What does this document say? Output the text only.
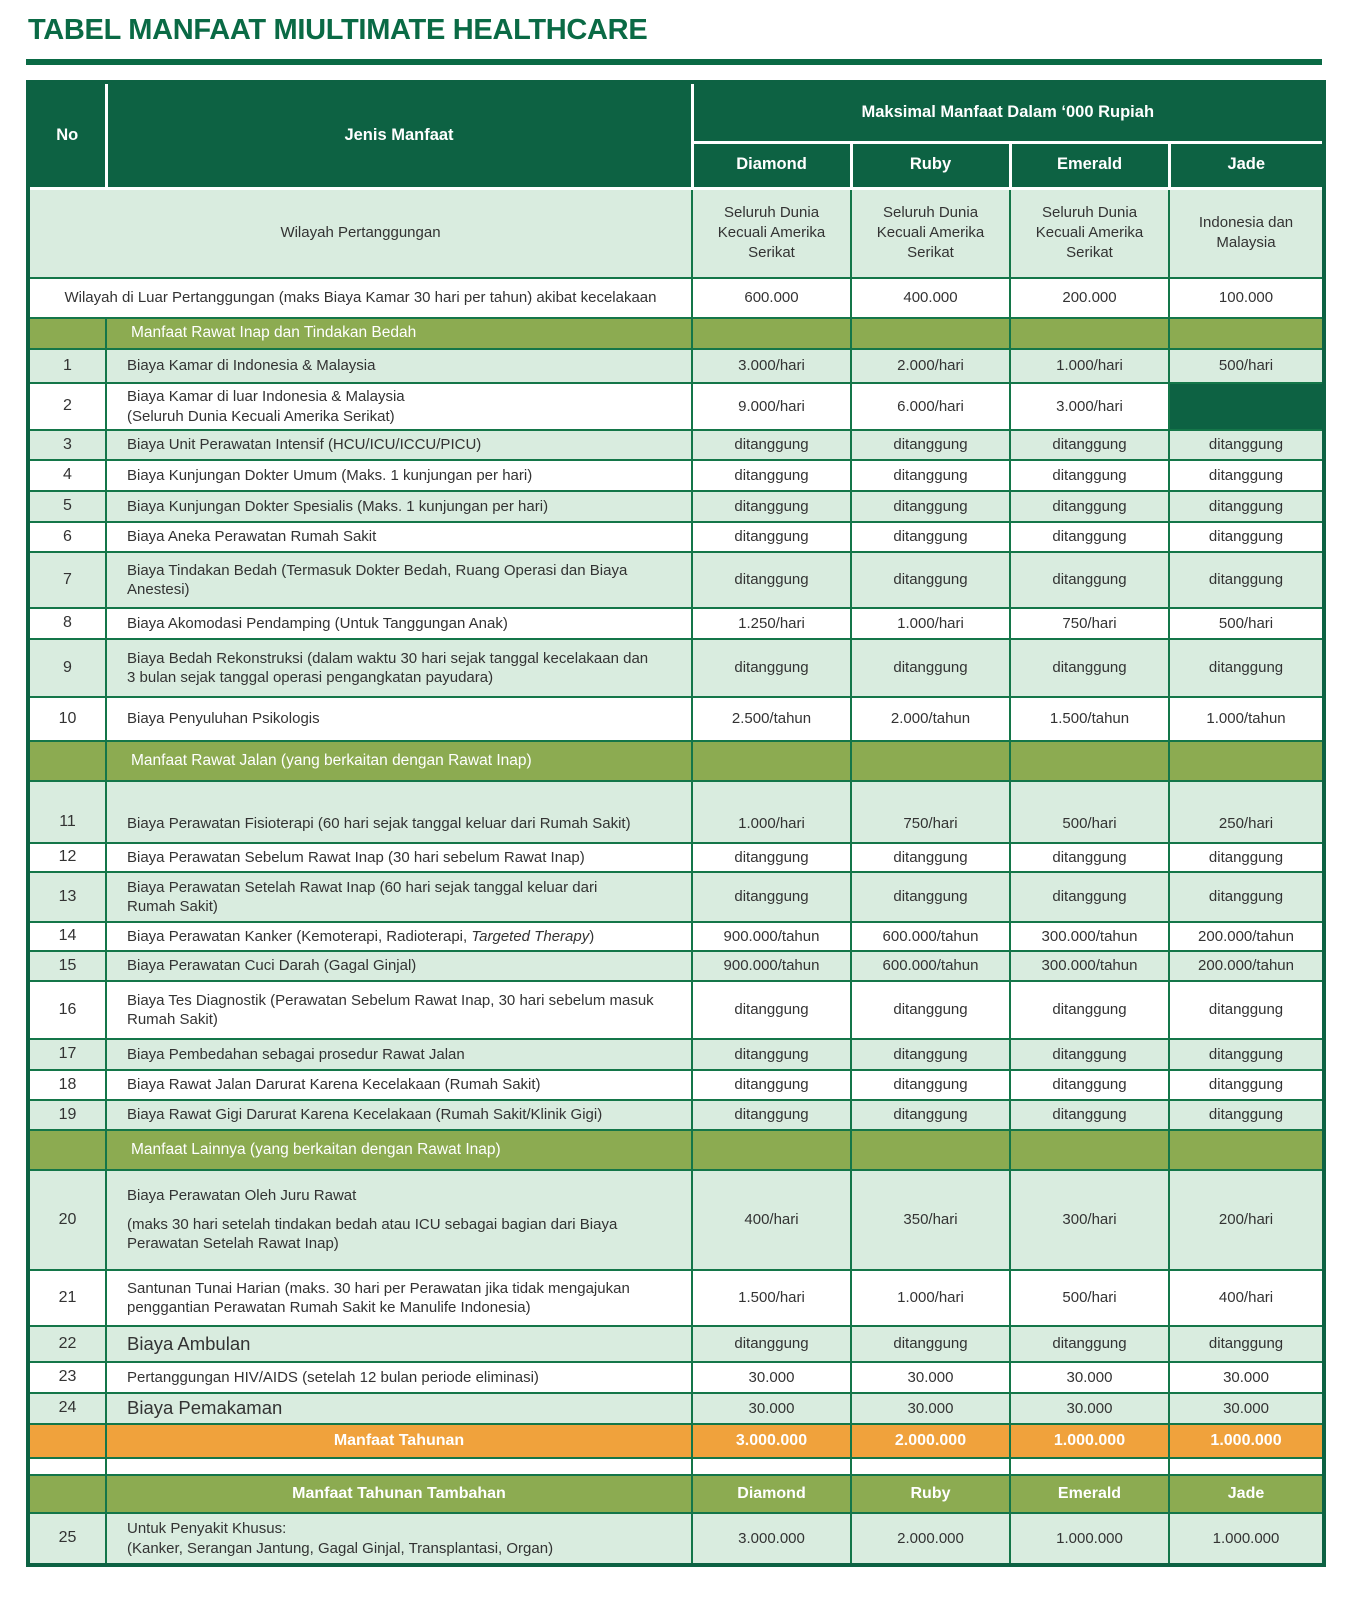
TABEL MANFAAT MIULTIMATE HEALTHCARE
No	Jenis Manfaat	Maksimal Manfaat Dalam ‘000 Rupiah			
		Diamond	Ruby	Emerald	Jade
Wilayah Pertanggungan		Seluruh Dunia Kecuali Amerika Serikat	Seluruh Dunia Kecuali Amerika Serikat	Seluruh Dunia Kecuali Amerika Serikat	Indonesia dan Malaysia
Wilayah di Luar Pertanggungan (maks Biaya Kamar 30 hari per tahun) akibat kecelakaan		600.000	400.000	200.000	100.000
	Manfaat Rawat Inap dan Tindakan Bedah				
1	Biaya Kamar di Indonesia & Malaysia	3.000/hari	2.000/hari	1.000/hari	500/hari
2	Biaya Kamar di luar Indonesia & Malaysia
(Seluruh Dunia Kecuali Amerika Serikat)	9.000/hari	6.000/hari	3.000/hari	
3	Biaya Unit Perawatan Intensif (HCU/ICU/ICCU/PICU)	ditanggung	ditanggung	ditanggung	ditanggung
4	Biaya Kunjungan Dokter Umum (Maks. 1 kunjungan per hari)	ditanggung	ditanggung	ditanggung	ditanggung
5	Biaya Kunjungan Dokter Spesialis (Maks. 1 kunjungan per hari)	ditanggung	ditanggung	ditanggung	ditanggung
6	Biaya Aneka Perawatan Rumah Sakit	ditanggung	ditanggung	ditanggung	ditanggung
7	Biaya Tindakan Bedah (Termasuk Dokter Bedah, Ruang Operasi dan Biaya
Anestesi)	ditanggung	ditanggung	ditanggung	ditanggung
8	Biaya Akomodasi Pendamping (Untuk Tanggungan Anak)	1.250/hari	1.000/hari	750/hari	500/hari
9	Biaya Bedah Rekonstruksi (dalam waktu 30 hari sejak tanggal kecelakaan dan
3 bulan sejak tanggal operasi pengangkatan payudara)	ditanggung	ditanggung	ditanggung	ditanggung
10	Biaya Penyuluhan Psikologis	2.500/tahun	2.000/tahun	1.500/tahun	1.000/tahun
	Manfaat Rawat Jalan (yang berkaitan dengan Rawat Inap)				
11	Biaya Perawatan Fisioterapi (60 hari sejak tanggal keluar dari Rumah Sakit)	1.000/hari	750/hari	500/hari	250/hari
12	Biaya Perawatan Sebelum Rawat Inap (30 hari sebelum Rawat Inap)	ditanggung	ditanggung	ditanggung	ditanggung
13	Biaya Perawatan Setelah Rawat Inap (60 hari sejak tanggal keluar dari
Rumah Sakit)	ditanggung	ditanggung	ditanggung	ditanggung
14	Biaya Perawatan Kanker (Kemoterapi, Radioterapi, Targeted Therapy)	900.000/tahun	600.000/tahun	300.000/tahun	200.000/tahun
15	Biaya Perawatan Cuci Darah (Gagal Ginjal)	900.000/tahun	600.000/tahun	300.000/tahun	200.000/tahun
16	Biaya Tes Diagnostik (Perawatan Sebelum Rawat Inap, 30 hari sebelum masuk
Rumah Sakit)	ditanggung	ditanggung	ditanggung	ditanggung
17	Biaya Pembedahan sebagai prosedur Rawat Jalan	ditanggung	ditanggung	ditanggung	ditanggung
18	Biaya Rawat Jalan Darurat Karena Kecelakaan (Rumah Sakit)	ditanggung	ditanggung	ditanggung	ditanggung
19	Biaya Rawat Gigi Darurat Karena Kecelakaan (Rumah Sakit/Klinik Gigi)	ditanggung	ditanggung	ditanggung	ditanggung
	Manfaat Lainnya (yang berkaitan dengan Rawat Inap)				
20	Biaya Perawatan Oleh Juru Rawat
(maks 30 hari setelah tindakan bedah atau ICU sebagai bagian dari Biaya Perawatan Setelah Rawat Inap)	400/hari	350/hari	300/hari	200/hari
21	Santunan Tunai Harian (maks. 30 hari per Perawatan jika tidak mengajukan
penggantian Perawatan Rumah Sakit ke Manulife Indonesia)	1.500/hari	1.000/hari	500/hari	400/hari
22	Biaya Ambulan	ditanggung	ditanggung	ditanggung	ditanggung
23	Pertanggungan HIV/AIDS (setelah 12 bulan periode eliminasi)	30.000	30.000	30.000	30.000
24	Biaya Pemakaman	30.000	30.000	30.000	30.000
	Manfaat Tahunan	3.000.000	2.000.000	1.000.000	1.000.000

	Manfaat Tahunan Tambahan	Diamond	Ruby	Emerald	Jade
25	Untuk Penyakit Khusus:
(Kanker, Serangan Jantung, Gagal Ginjal, Transplantasi, Organ)	3.000.000	2.000.000	1.000.000	1.000.000
